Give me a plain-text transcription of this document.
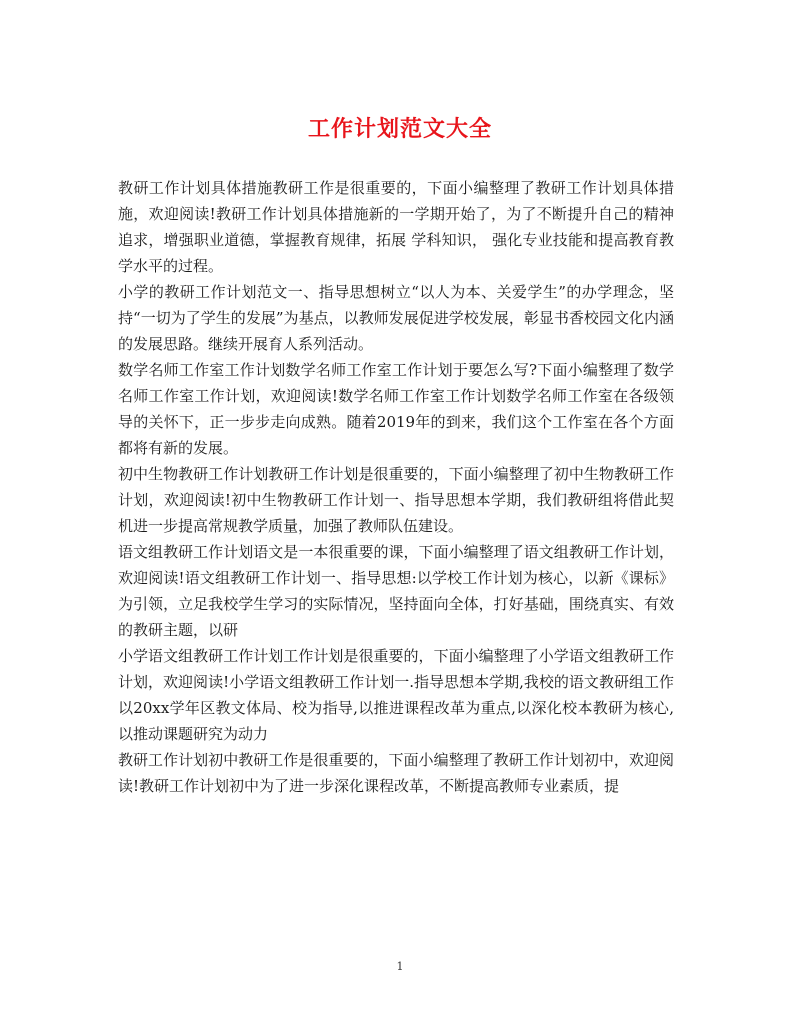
工作计划范文大全

教研工作计划具体措施教研工作是很重要的，下面小编整理了教研工作计划具体措施，欢迎阅读!教研工作计划具体措施新的一学期开始了，为了不断提升自己的精神追求，增强职业道德，掌握教育规律，拓展 学科知识， 强化专业技能和提高教育教学水平的过程。

小学的教研工作计划范文一、指导思想树立“以人为本、关爱学生”的办学理念，坚持“一切为了学生的发展”为基点，以教师发展促进学校发展，彰显书香校园文化内涵的发展思路。继续开展育人系列活动。

数学名师工作室工作计划数学名师工作室工作计划于要怎么写?下面小编整理了数学名师工作室工作计划，欢迎阅读!数学名师工作室工作计划数学名师工作室在各级领导的关怀下，正一步步走向成熟。随着2019年的到来，我们这个工作室在各个方面都将有新的发展。

初中生物教研工作计划教研工作计划是很重要的，下面小编整理了初中生物教研工作计划，欢迎阅读!初中生物教研工作计划一、指导思想本学期，我们教研组将借此契机进一步提高常规教学质量，加强了教师队伍建设。

语文组教研工作计划语文是一本很重要的课，下面小编整理了语文组教研工作计划，欢迎阅读!语文组教研工作计划一、指导思想:以学校工作计划为核心，以新《课标》为引领，立足我校学生学习的实际情况，坚持面向全体，打好基础，围绕真实、有效的教研主题，以研

小学语文组教研工作计划工作计划是很重要的，下面小编整理了小学语文组教研工作计划，欢迎阅读!小学语文组教研工作计划一.指导思想本学期,我校的语文教研组工作以20xx学年区教文体局、校为指导,以推进课程改革为重点,以深化校本教研为核心,以推动课题研究为动力

教研工作计划初中教研工作是很重要的，下面小编整理了教研工作计划初中，欢迎阅读!教研工作计划初中为了进一步深化课程改革，不断提高教师专业素质，提

1
